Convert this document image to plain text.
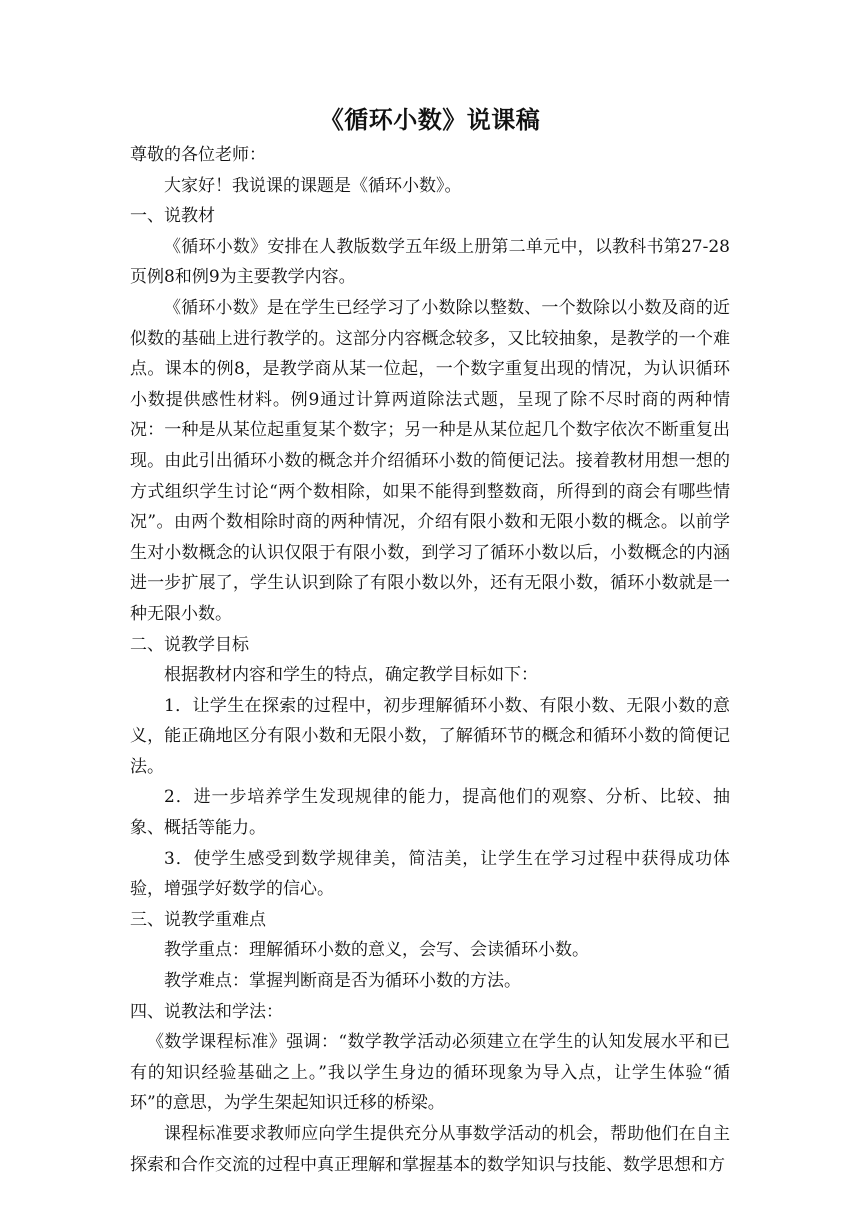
《循环小数》说课稿

尊敬的各位老师：

大家好！我说课的课题是《循环小数》。

一、说教材

《循环小数》安排在人教版数学五年级上册第二单元中，以教科书第27-28页例8和例9为主要教学内容。

《循环小数》是在学生已经学习了小数除以整数、一个数除以小数及商的近似数的基础上进行教学的。这部分内容概念较多，又比较抽象，是教学的一个难点。课本的例8，是教学商从某一位起，一个数字重复出现的情况，为认识循环小数提供感性材料。例9通过计算两道除法式题，呈现了除不尽时商的两种情况：一种是从某位起重复某个数字；另一种是从某位起几个数字依次不断重复出现。由此引出循环小数的概念并介绍循环小数的简便记法。接着教材用想一想的方式组织学生讨论“两个数相除，如果不能得到整数商，所得到的商会有哪些情况”。由两个数相除时商的两种情况，介绍有限小数和无限小数的概念。以前学生对小数概念的认识仅限于有限小数，到学习了循环小数以后，小数概念的内涵进一步扩展了，学生认识到除了有限小数以外，还有无限小数，循环小数就是一种无限小数。

二、说教学目标

根据教材内容和学生的特点，确定教学目标如下：

1．让学生在探索的过程中，初步理解循环小数、有限小数、无限小数的意义，能正确地区分有限小数和无限小数，了解循环节的概念和循环小数的简便记法。

2．进一步培养学生发现规律的能力，提高他们的观察、分析、比较、抽象、概括等能力。

3．使学生感受到数学规律美，简洁美，让学生在学习过程中获得成功体验，增强学好数学的信心。

三、说教学重难点

教学重点：理解循环小数的意义，会写、会读循环小数。

教学难点：掌握判断商是否为循环小数的方法。

四、说教法和学法：

《数学课程标准》强调：“数学教学活动必须建立在学生的认知发展水平和已有的知识经验基础之上。”我以学生身边的循环现象为导入点，让学生体验“循环”的意思，为学生架起知识迁移的桥梁。

课程标准要求教师应向学生提供充分从事数学活动的机会，帮助他们在自主探索和合作交流的过程中真正理解和掌握基本的数学知识与技能、数学思想和方
